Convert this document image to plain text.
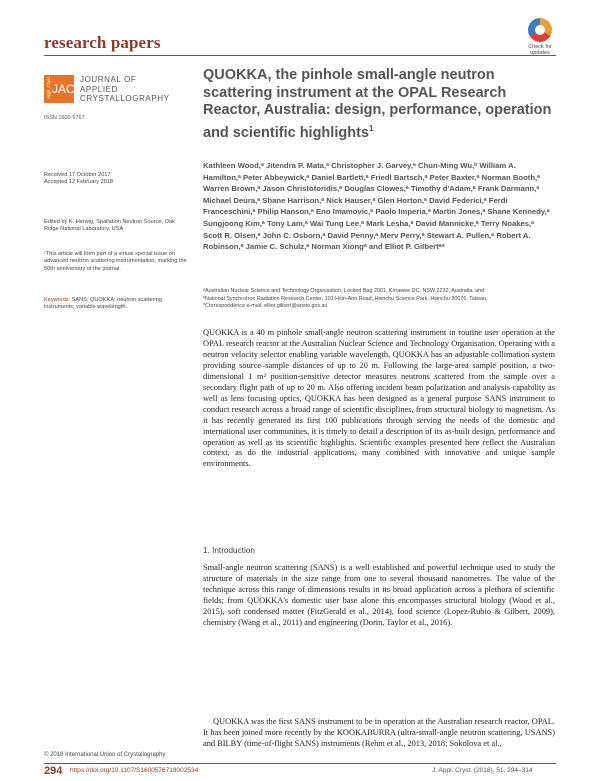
research papers	Check for updates
Appl. Cryst. JAC
JOURNAL OF
APPLIED
CRYSTALLOGRAPHY
ISSN 1600-5767
QUOKKA, the pinhole small-angle neutron scattering instrument at the OPAL Research Reactor, Australia: design, performance, operation and scientific highlights$^1$
Received 17 October 2017
Accepted 12 February 2018
Edited by K. Herwig, Spallation Neutron Source, Oak Ridge National Laboratory, USA
¹This article will form part of a virtual special issue on advanced neutron scattering instrumentation, marking the 50th anniversary of the journal.
Keywords: SANS; QUOKKA; neutron scattering instruments; variable wavelength.
Kathleen Wood,ᵃ Jitendra P. Mata,ᵃ Christopher J. Garvey,ᵃ Chun-Ming Wu,ᵇ William A. Hamilton,ᵃ Peter Abbeywick,ᵃ Daniel Bartlett,ᵃ Friedl Bartsch,ᵃ Peter Baxter,ᵃ Norman Booth,ᵃ Warren Brown,ᵃ Jason Christoforidis,ᵃ Douglas Clowes,ᵃ Timothy d'Adam,ᵃ Frank Darmann,ᵃ Michael Deura,ᵃ Shane Harrison,ᵃ Nick Hauser,ᵃ Glen Horton,ᵃ David Federici,ᵃ Ferdi Franceschini,ᵃ Philip Hanson,ᵃ Eno Imamovic,ᵃ Paolo Imperia,ᵃ Martin Jones,ᵃ Shane Kennedy,ᵃ Sungjoong Kim,ᵃ Tony Lam,ᵃ Wai Tung Lee,ᵃ Mark Lesha,ᵃ David Mannicke,ᵃ Terry Noakes,ᵃ Scott R. Olsen,ᵃ John C. Osborn,ᵃ David Penny,ᵃ Merv Perry,ᵃ Stewart A. Pullen,ᵃ Robert A. Robinson,ᵃ Jamie C. Schulz,ᵃ Norman Xiongᵃ and Elliot P. Gilbertᵃ*
ᵃAustralian Nuclear Science and Technology Organisation, Locked Bag 2001, Kirrawee DC, NSW 2232, Australia, and
ᵇNational Synchrotron Radiation Research Center, 101 Hsin-Ann Road, Hsinchu Science Park, Hsinchu 30076, Taiwan.
*Correspondence e-mail: elliot.gilbert@ansto.gov.au
QUOKKA is a 40 m pinhole small-angle neutron scattering instrument in routine user operation at the OPAL research reactor at the Australian Nuclear Science and Technology Organisation. Operating with a neutron velocity selector enabling variable wavelength, QUOKKA has an adjustable collimation system providing source–sample distances of up to 20 m. Following the large-area sample position, a two-dimensional 1 m² position-sensitive detector measures neutrons scattered from the sample over a secondary flight path of up to 20 m. Also offering incident beam polarization and analysis capability as well as lens focusing optics, QUOKKA has been designed as a general purpose SANS instrument to conduct research across a broad range of scientific disciplines, from structural biology to magnetism. As it has recently generated its first 100 publications through serving the needs of the domestic and international user communities, it is timely to detail a description of its as-built design, performance and operation as well as its scientific highlights. Scientific examples presented here reflect the Australian context, as do the industrial applications, many combined with innovative and unique sample environments.
1. Introduction
Small-angle neutron scattering (SANS) is a well established and powerful technique used to study the structure of materials in the size range from one to several thousand nanometres. The value of the technique across this range of dimensions results in its broad application across a plethora of scientific fields; from QUOKKA's domestic user base alone this encompasses structural biology (Wood et al., 2015), soft condensed matter (FitzGerald et al., 2014), food science (Lopez-Rubio & Gilbert, 2009), chemistry (Wang et al., 2011) and engineering (Dorin, Taylor et al., 2016).
QUOKKA was the first SANS instrument to be in operation at the Australian research reactor, OPAL. It has been joined more recently by the KOOKABURRA (ultra-small-angle neutron scattering, USANS) and BILBY (time-of-flight SANS) instruments (Rehm et al., 2013, 2018; Sokolova et al.,
© 2018 International Union of Crystallography
294 https://doi.org/10.1107/S1600576718002534	J. Appl. Cryst. (2018). 51, 294–314
